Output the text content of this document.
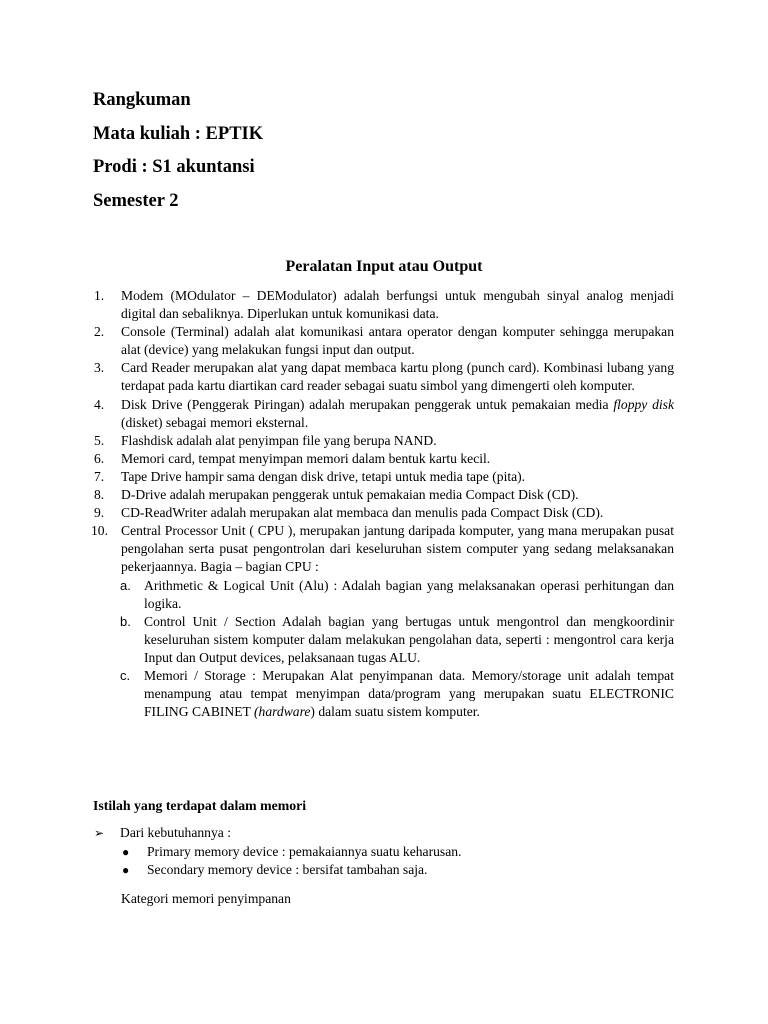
Rangkuman
Mata kuliah : EPTIK
Prodi : S1 akuntansi
Semester 2
Peralatan Input atau Output
1. Modem (MOdulator – DEModulator) adalah berfungsi untuk mengubah sinyal analog menjadi digital dan sebaliknya. Diperlukan untuk komunikasi data.
2. Console (Terminal) adalah alat komunikasi antara operator dengan komputer sehingga merupakan alat (device) yang melakukan fungsi input dan output.
3. Card Reader merupakan alat yang dapat membaca kartu plong (punch card). Kombinasi lubang yang terdapat pada kartu diartikan card reader sebagai suatu simbol yang dimengerti oleh komputer.
4. Disk Drive (Penggerak Piringan) adalah merupakan penggerak untuk pemakaian media floppy disk (disket) sebagai memori eksternal.
5. Flashdisk adalah alat penyimpan file yang berupa NAND.
6. Memori card, tempat menyimpan memori dalam bentuk kartu kecil.
7. Tape Drive hampir sama dengan disk drive, tetapi untuk media tape (pita).
8. D-Drive adalah merupakan penggerak untuk pemakaian media Compact Disk (CD).
9. CD-ReadWriter adalah merupakan alat membaca dan menulis pada Compact Disk (CD).
10. Central Processor Unit ( CPU ), merupakan jantung daripada komputer, yang mana merupakan pusat pengolahan serta pusat pengontrolan dari keseluruhan sistem computer yang sedang melaksanakan pekerjaannya. Bagia – bagian CPU :
a. Arithmetic & Logical Unit (Alu) : Adalah bagian yang melaksanakan operasi perhitungan dan logika.
b. Control Unit / Section Adalah bagian yang bertugas untuk mengontrol dan mengkoordinir keseluruhan sistem komputer dalam melakukan pengolahan data, seperti : mengontrol cara kerja Input dan Output devices, pelaksanaan tugas ALU.
c. Memori / Storage : Merupakan Alat penyimpanan data. Memory/storage unit adalah tempat menampung atau tempat menyimpan data/program yang merupakan suatu ELECTRONIC FILING CABINET (hardware) dalam suatu sistem komputer.
Istilah yang terdapat dalam memori
➢ Dari kebutuhannya :
● Primary memory device : pemakaiannya suatu keharusan.
● Secondary memory device : bersifat tambahan saja.
Kategori memori penyimpanan
